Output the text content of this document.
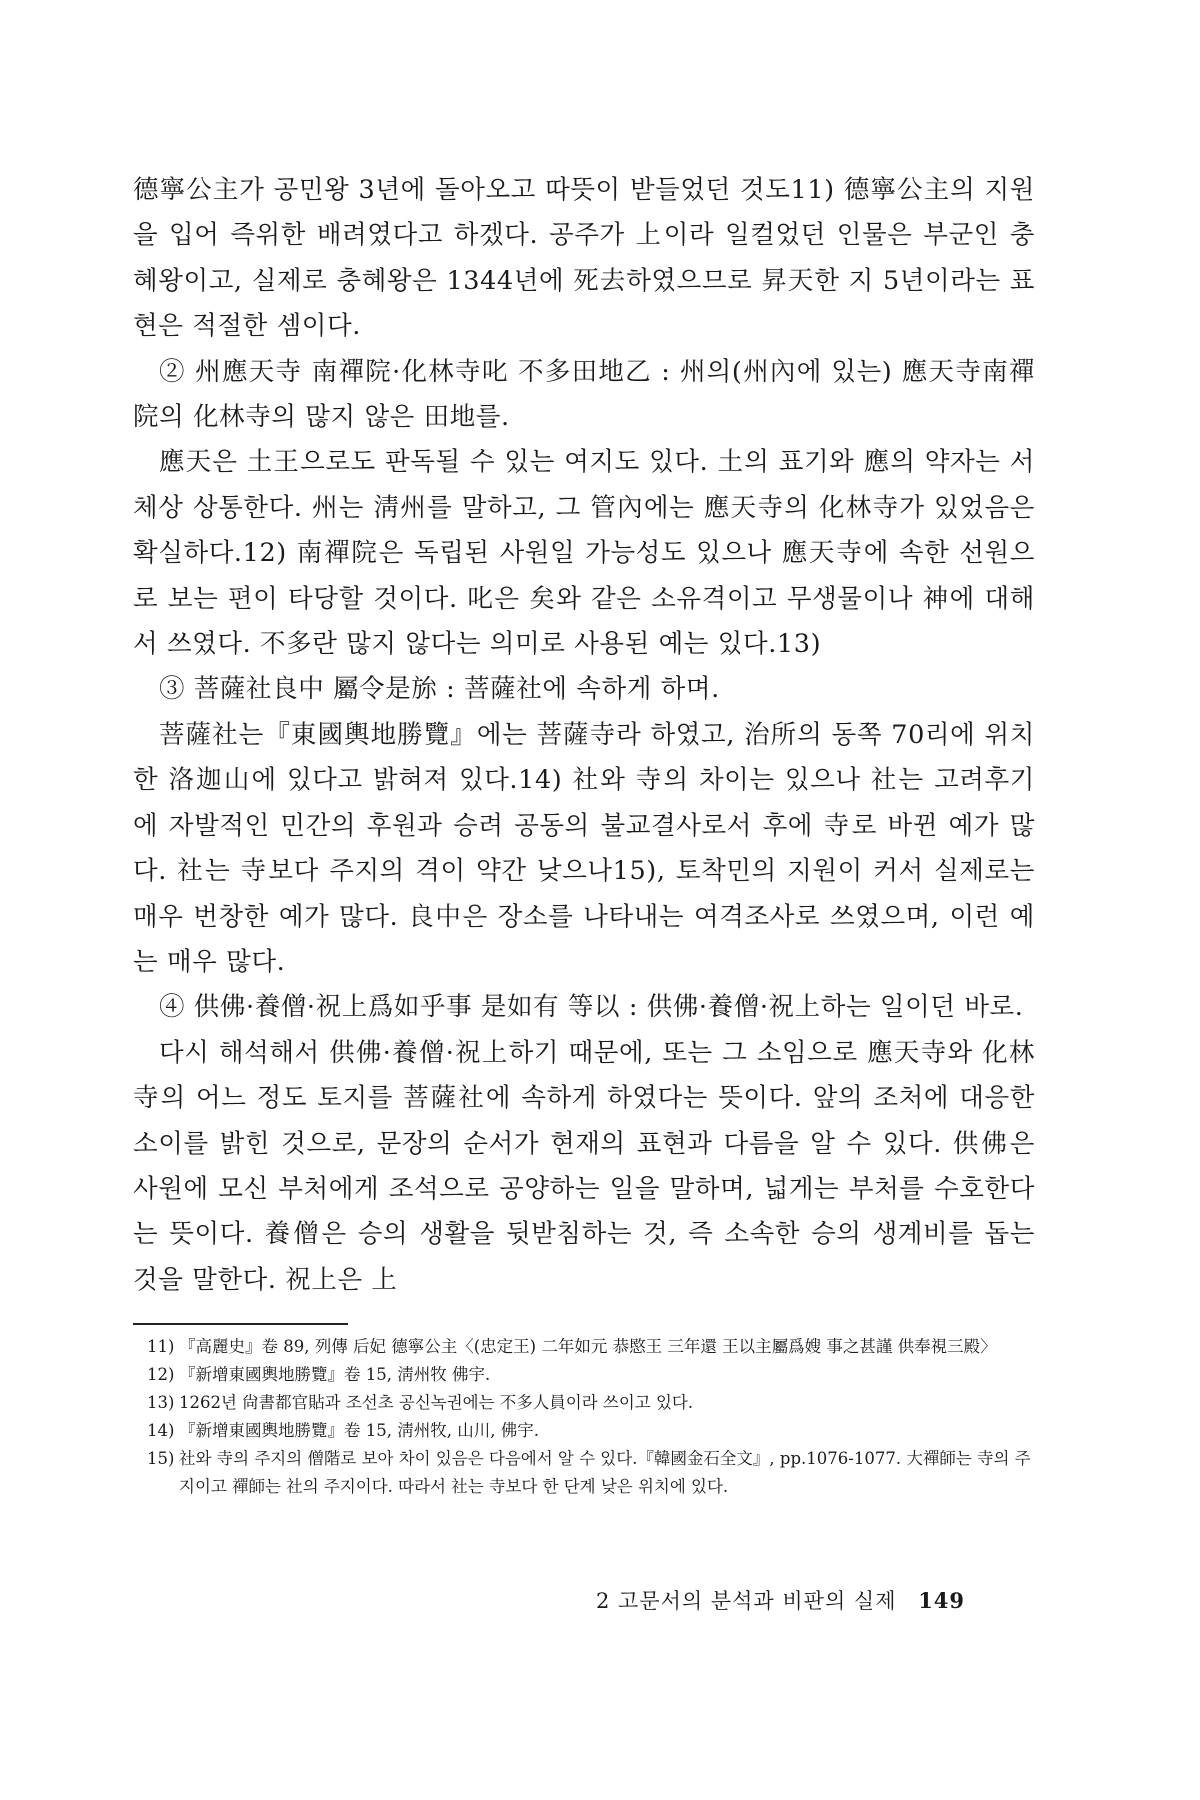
德寧公主가 공민왕 3년에 돌아오고 따뜻이 받들었던 것도11) 德寧公主의 지원을 입어 즉위한 배려였다고 하겠다. 공주가 上이라 일컬었던 인물은 부군인 충혜왕이고, 실제로 충혜왕은 1344년에 死去하였으므로 昇天한 지 5년이라는 표현은 적절한 셈이다.

② 州應天寺 南禪院·化林寺叱 不多田地乙 : 州의(州內에 있는) 應天寺南禪院의 化林寺의 많지 않은 田地를.

應天은 土王으로도 판독될 수 있는 여지도 있다. 土의 표기와 應의 약자는 서체상 상통한다. 州는 淸州를 말하고, 그 管內에는 應天寺의 化林寺가 있었음은 확실하다.12) 南禪院은 독립된 사원일 가능성도 있으나 應天寺에 속한 선원으로 보는 편이 타당할 것이다. 叱은 矣와 같은 소유격이고 무생물이나 神에 대해서 쓰였다. 不多란 많지 않다는 의미로 사용된 예는 있다.13)

③ 菩薩社良中 屬令是旀 : 菩薩社에 속하게 하며.

菩薩社는『東國輿地勝覽』에는 菩薩寺라 하였고, 治所의 동쪽 70리에 위치한 洛迦山에 있다고 밝혀져 있다.14) 社와 寺의 차이는 있으나 社는 고려후기에 자발적인 민간의 후원과 승려 공동의 불교결사로서 후에 寺로 바뀐 예가 많다. 社는 寺보다 주지의 격이 약간 낮으나15), 토착민의 지원이 커서 실제로는 매우 번창한 예가 많다. 良中은 장소를 나타내는 여격조사로 쓰였으며, 이런 예는 매우 많다.

④ 供佛·養僧·祝上爲如乎事 是如有 等以 : 供佛·養僧·祝上하는 일이던 바로.

다시 해석해서 供佛·養僧·祝上하기 때문에, 또는 그 소임으로 應天寺와 化林寺의 어느 정도 토지를 菩薩社에 속하게 하였다는 뜻이다. 앞의 조처에 대응한 소이를 밝힌 것으로, 문장의 순서가 현재의 표현과 다름을 알 수 있다. 供佛은 사원에 모신 부처에게 조석으로 공양하는 일을 말하며, 넓게는 부처를 수호한다는 뜻이다. 養僧은 승의 생활을 뒷받침하는 것, 즉 소속한 승의 생계비를 돕는 것을 말한다. 祝上은 上

11) 『高麗史』卷 89, 列傳 后妃 德寧公主〈(忠定王) 二年如元 恭愍王 三年還 王以主屬爲嫂 事之甚謹 供奉視三殿〉
12) 『新增東國輿地勝覽』卷 15, 淸州牧 佛宇.
13) 1262년 尙書都官貼과 조선초 공신녹권에는 不多人員이라 쓰이고 있다.
14) 『新增東國輿地勝覽』卷 15, 淸州牧, 山川, 佛宇.
15) 社와 寺의 주지의 僧階로 보아 차이 있음은 다음에서 알 수 있다.『韓國金石全文』, pp.1076-1077. 大禪師는 寺의 주지이고 禪師는 社의 주지이다. 따라서 社는 寺보다 한 단계 낮은 위치에 있다.
2 고문서의 분석과 비판의 실제 149
